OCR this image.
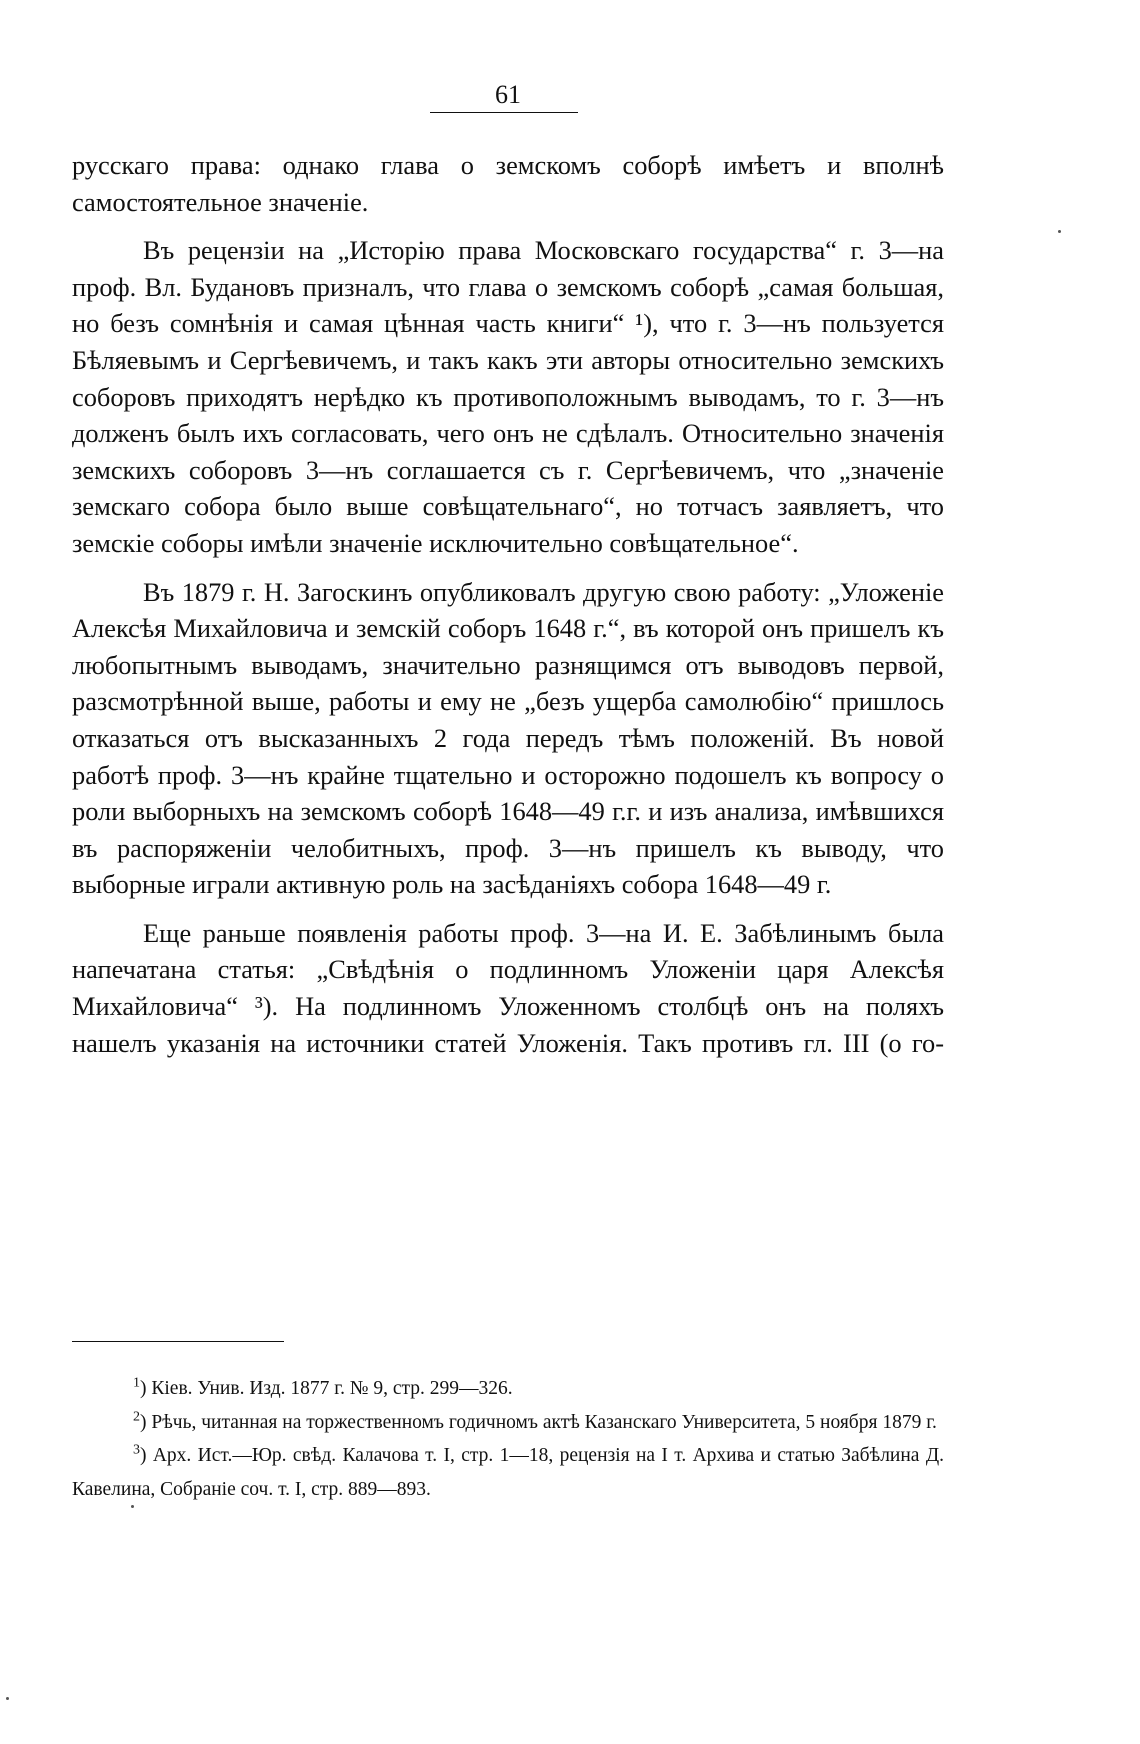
61

русскаго права: однако глава о земскомъ соборѣ имѣетъ и вполнѣ самостоятельное значеніе.

Въ рецензіи на „Исторію права Московскаго государства“ г. 3—на проф. Вл. Будановъ призналъ, что глава о земскомъ соборѣ „самая большая, но безъ сомнѣнія и самая цѣнная часть книги“ ¹), что г. 3—нъ пользуется Бѣляевымъ и Сергѣевичемъ, и такъ какъ эти авторы относительно земскихъ соборовъ приходятъ нерѣдко къ противоположнымъ выводамъ, то г. 3—нъ долженъ былъ ихъ согласовать, чего онъ не сдѣлалъ. Относительно значенія земскихъ соборовъ 3—нъ соглашается съ г. Сергѣевичемъ, что „значеніе земскаго собора было выше совѣщательнаго“, но тотчасъ заявляетъ, что земскіе соборы имѣли значеніе исключительно совѣщательное“.

Въ 1879 г. Н. Загоскинъ опубликовалъ другую свою работу: „Уложеніе Алексѣя Михайловича и земскій соборъ 1648 г.“, въ которой онъ пришелъ къ любопытнымъ выводамъ, значительно разнящимся отъ выводовъ первой, разсмотрѣнной выше, работы и ему не „безъ ущерба самолюбію“ пришлось отказаться отъ высказанныхъ 2 года передъ тѣмъ положеній. Въ новой работѣ проф. 3—нъ крайне тщательно и осторожно подошелъ къ вопросу о роли выборныхъ на земскомъ соборѣ 1648—49 г.г. и изъ анализа, имѣвшихся въ распоряженіи челобитныхъ, проф. 3—нъ пришелъ къ выводу, что выборные играли активную роль на засѣданіяхъ собора 1648—49 г.

Еще раньше появленія работы проф. 3—на И. Е. Забѣлинымъ была напечатана статья: „Свѣдѣнія о подлинномъ Уложеніи царя Алексѣя Михайловича“ ³). На подлинномъ Уложенномъ столбцѣ онъ на поляхъ нашелъ указанія на источники статей Уложенія. Такъ противъ гл. III (о го-

$^1$) Кіев. Унив. Изд. 1877 г. № 9, стр. 299—326.

$^2$) Рѣчь, читанная на торжественномъ годичномъ актѣ Казанскаго Университета, 5 ноября 1879 г.

$^3$) Арх. Ист.—Юр. свѣд. Калачова т. I, стр. 1—18, рецензія на I т. Архива и статью Забѣлина Д. Кавелина, Собраніе соч. т. I, стр. 889—893.
